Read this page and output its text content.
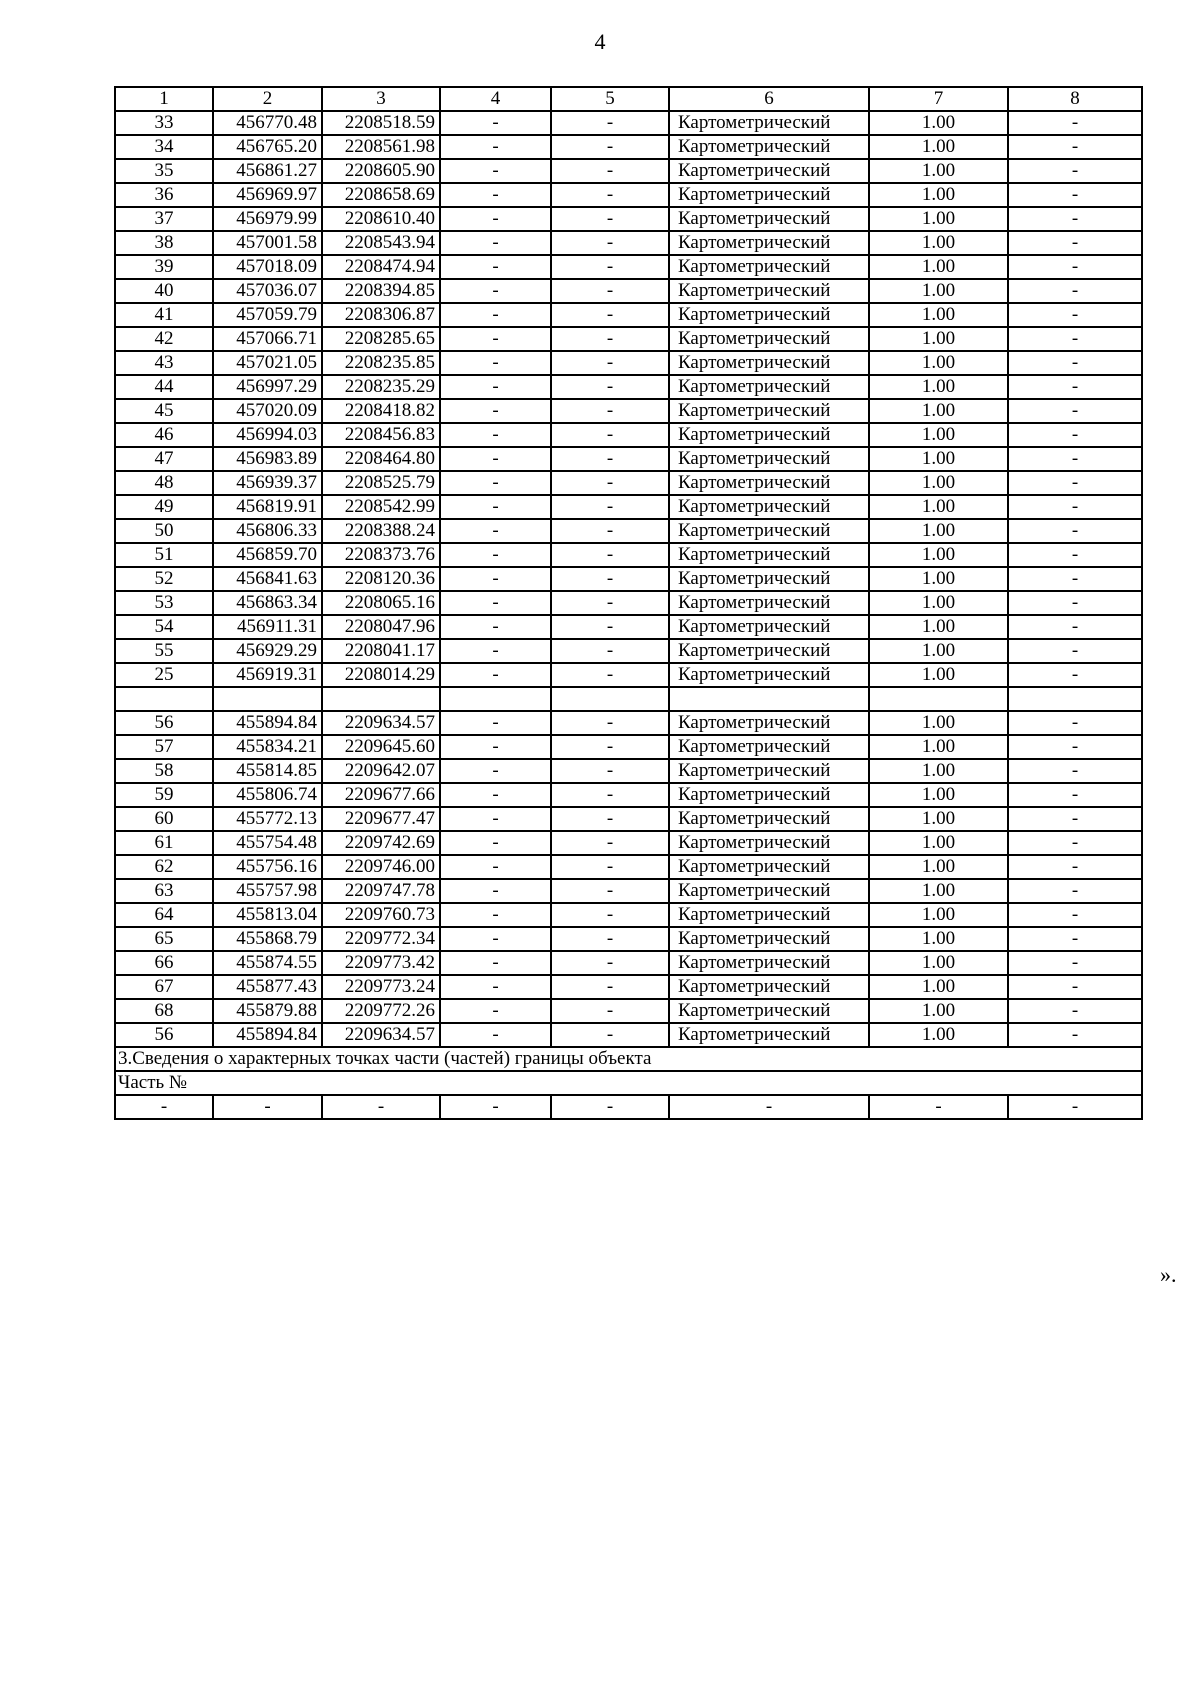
4
1	2	3	4	5	6	7	8
33	456770.48	2208518.59	-	-	Картометрический	1.00	-
34	456765.20	2208561.98	-	-	Картометрический	1.00	-
35	456861.27	2208605.90	-	-	Картометрический	1.00	-
36	456969.97	2208658.69	-	-	Картометрический	1.00	-
37	456979.99	2208610.40	-	-	Картометрический	1.00	-
38	457001.58	2208543.94	-	-	Картометрический	1.00	-
39	457018.09	2208474.94	-	-	Картометрический	1.00	-
40	457036.07	2208394.85	-	-	Картометрический	1.00	-
41	457059.79	2208306.87	-	-	Картометрический	1.00	-
42	457066.71	2208285.65	-	-	Картометрический	1.00	-
43	457021.05	2208235.85	-	-	Картометрический	1.00	-
44	456997.29	2208235.29	-	-	Картометрический	1.00	-
45	457020.09	2208418.82	-	-	Картометрический	1.00	-
46	456994.03	2208456.83	-	-	Картометрический	1.00	-
47	456983.89	2208464.80	-	-	Картометрический	1.00	-
48	456939.37	2208525.79	-	-	Картометрический	1.00	-
49	456819.91	2208542.99	-	-	Картометрический	1.00	-
50	456806.33	2208388.24	-	-	Картометрический	1.00	-
51	456859.70	2208373.76	-	-	Картометрический	1.00	-
52	456841.63	2208120.36	-	-	Картометрический	1.00	-
53	456863.34	2208065.16	-	-	Картометрический	1.00	-
54	456911.31	2208047.96	-	-	Картометрический	1.00	-
55	456929.29	2208041.17	-	-	Картометрический	1.00	-
25	456919.31	2208014.29	-	-	Картометрический	1.00	-

56	455894.84	2209634.57	-	-	Картометрический	1.00	-
57	455834.21	2209645.60	-	-	Картометрический	1.00	-
58	455814.85	2209642.07	-	-	Картометрический	1.00	-
59	455806.74	2209677.66	-	-	Картометрический	1.00	-
60	455772.13	2209677.47	-	-	Картометрический	1.00	-
61	455754.48	2209742.69	-	-	Картометрический	1.00	-
62	455756.16	2209746.00	-	-	Картометрический	1.00	-
63	455757.98	2209747.78	-	-	Картометрический	1.00	-
64	455813.04	2209760.73	-	-	Картометрический	1.00	-
65	455868.79	2209772.34	-	-	Картометрический	1.00	-
66	455874.55	2209773.42	-	-	Картометрический	1.00	-
67	455877.43	2209773.24	-	-	Картометрический	1.00	-
68	455879.88	2209772.26	-	-	Картометрический	1.00	-
56	455894.84	2209634.57	-	-	Картометрический	1.00	-
3.Сведения о характерных точках части (частей) границы объекта							
Часть №							
-	-	-	-	-	-	-	-
».
